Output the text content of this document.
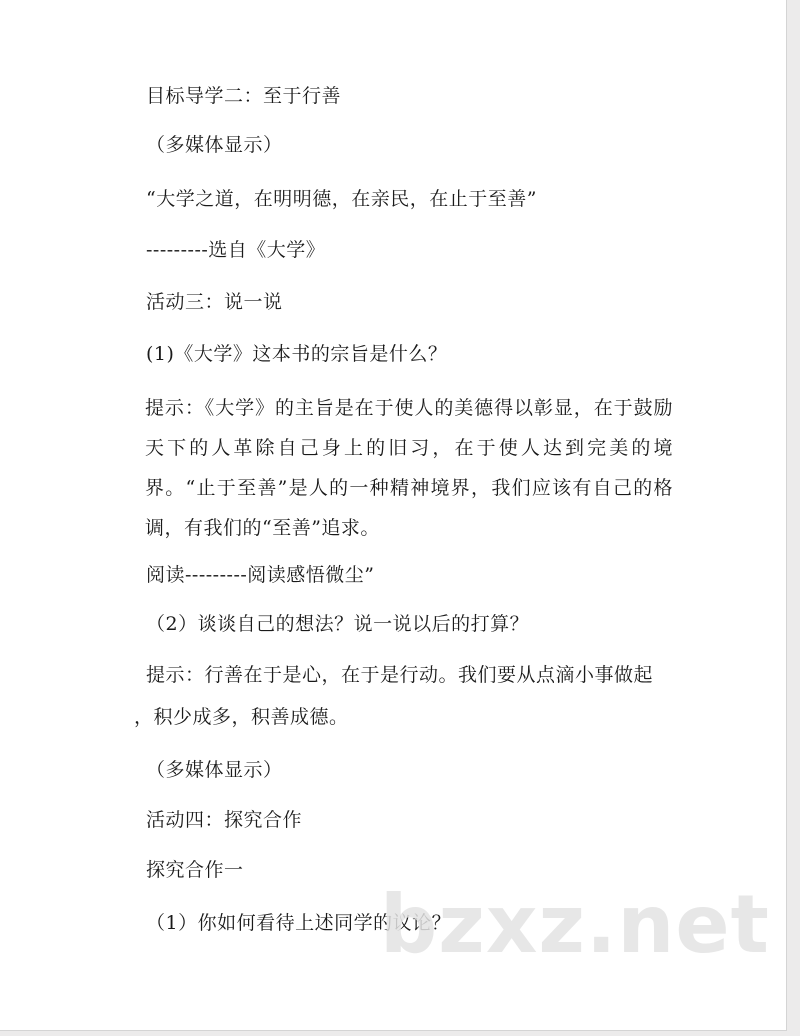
目标导学二：至于行善
（多媒体显示）
“大学之道，在明明德，在亲民，在止于至善”
---------选自《大学》
活动三：说一说
(1)《大学》这本书的宗旨是什么？
提示：《大学》的主旨是在于使人的美德得以彰显，在于鼓励天下的人革除自己身上的旧习，在于使人达到完美的境界。“止于至善”是人的一种精神境界，我们应该有自己的格调，有我们的“至善”追求。
阅读---------阅读感悟微尘”
（2）谈谈自己的想法？说一说以后的打算？
提示：行善在于是心，在于是行动。我们要从点滴小事做起
，积少成多，积善成德。
（多媒体显示）
活动四：探究合作
探究合作一
（1）你如何看待上述同学的议论？
bzxz.net
